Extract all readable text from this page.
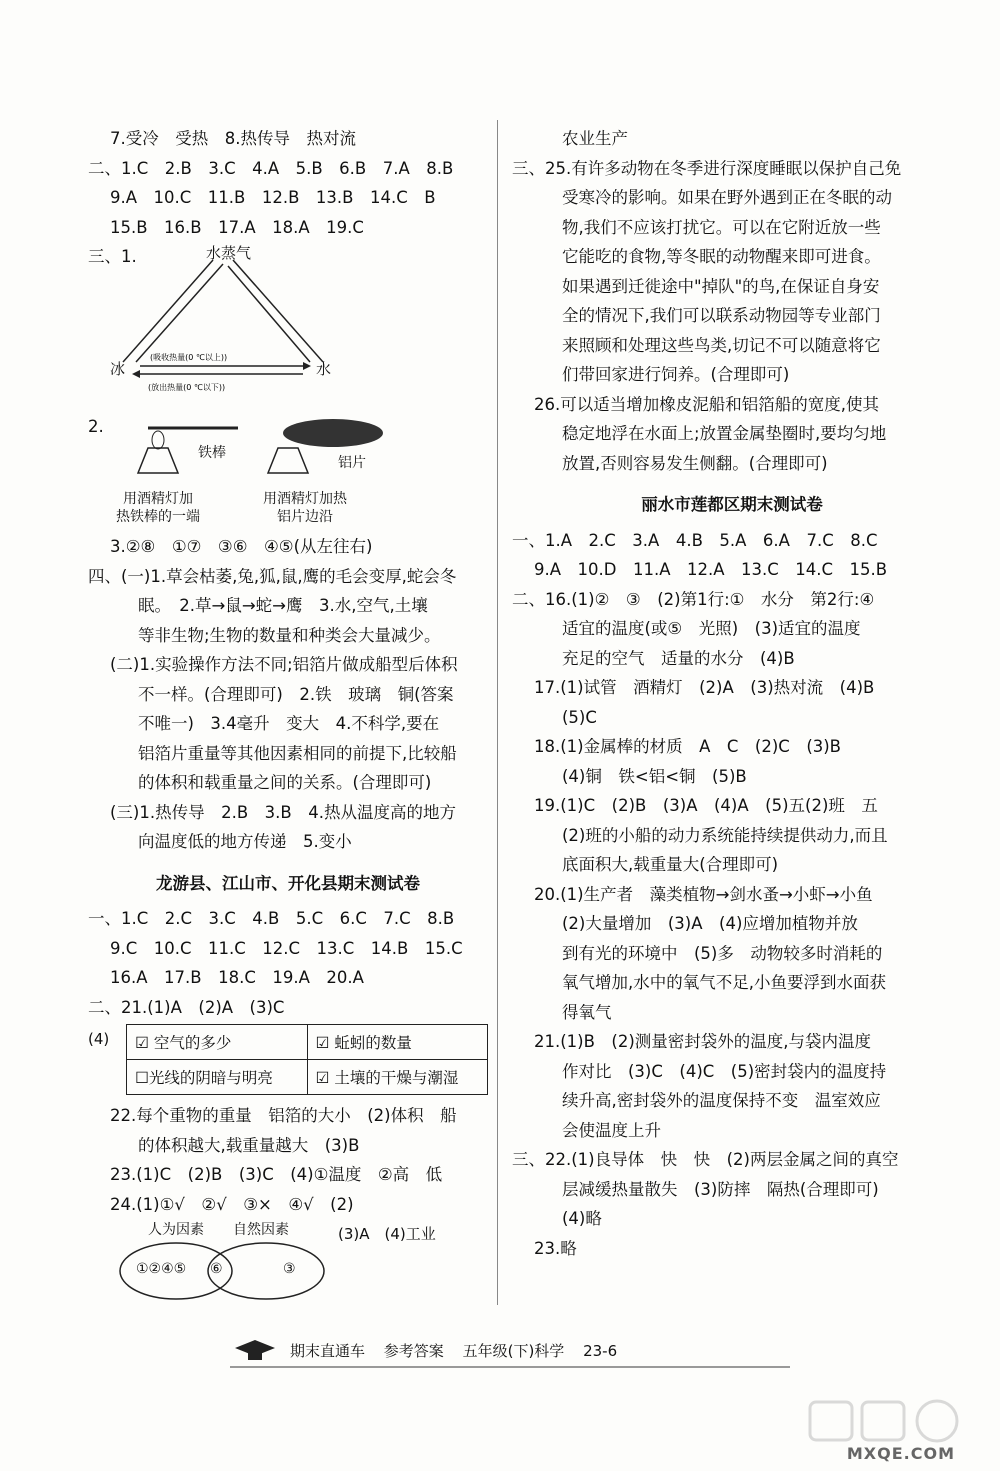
7.受冷　受热　8.热传导　热对流
二、1.C　2.B　3.C　4.A　5.B　6.B　7.A　8.B
9.A　10.C　11.B　12.B　13.B　14.C　B
15.B　16.B　17.A　18.A　19.C
三、1.
(吸收热量(0 ℃以上))
(放出热量(0 ℃以下))
水蒸气
冰	水
2.
铁棒
铝片
用酒精灯加
热铁棒的一端
用酒精灯加热
铝片边沿
3.②⑧　①⑦　③⑥　④⑤(从左往右)
四、(一)1.草会枯萎,兔,狐,鼠,鹰的毛会变厚,蛇会冬
眠。　2.草→鼠→蛇→鹰　3.水,空气,土壤
等非生物;生物的数量和种类会大量减少。
(二)1.实验操作方法不同;铝箔片做成船型后体积
不一样。(合理即可)　2.铁　玻璃　铜(答案
不唯一)　3.4毫升　变大　4.不科学,要在
铝箔片重量等其他因素相同的前提下,比较船
的体积和载重量之间的关系。(合理即可)
(三)1.热传导　2.B　3.B　4.热从温度高的地方
向温度低的地方传递　5.变小
龙游县、江山市、开化县期末测试卷
一、1.C　2.C　3.C　4.B　5.C　6.C　7.C　8.B
9.C　10.C　11.C　12.C　13.C　14.B　15.C
16.A　17.B　18.C　19.A　20.A
二、21.(1)A　(2)A　(3)C
(4) ☑ 空气的多少	☑ 蚯蚓的数量
☐光线的阴暗与明亮	☑ 土壤的干燥与潮湿
22.每个重物的重量　铝箔的大小　(2)体积　船
的体积越大,载重量越大　(3)B
23.(1)C　(2)B　(3)C　(4)①温度　②高　低
24.(1)①√　②√　③×　④√　(2)
人为因素 自然因素	(3)A　(4)工业
①②④⑤ ⑥	③
农业生产
三、25.有许多动物在冬季进行深度睡眠以保护自己免
受寒冷的影响。如果在野外遇到正在冬眠的动
物,我们不应该打扰它。可以在它附近放一些
它能吃的食物,等冬眠的动物醒来即可进食。
如果遇到迁徙途中"掉队"的鸟,在保证自身安
全的情况下,我们可以联系动物园等专业部门
来照顾和处理这些鸟类,切记不可以随意将它
们带回家进行饲养。(合理即可)
26.可以适当增加橡皮泥船和铝箔船的宽度,使其
稳定地浮在水面上;放置金属垫圈时,要均匀地
放置,否则容易发生侧翻。(合理即可)
丽水市莲都区期末测试卷
一、1.A　2.C　3.A　4.B　5.A　6.A　7.C　8.C
9.A　10.D　11.A　12.A　13.C　14.C　15.B
二、16.(1)②　③　(2)第1行:①　水分　第2行:④
适宜的温度(或⑤　光照)　(3)适宜的温度
充足的空气　适量的水分　(4)B
17.(1)试管　酒精灯　(2)A　(3)热对流　(4)B
(5)C
18.(1)金属棒的材质　A　C　(2)C　(3)B
(4)铜　铁<铝<铜　(5)B
19.(1)C　(2)B　(3)A　(4)A　(5)五(2)班　五
(2)班的小船的动力系统能持续提供动力,而且
底面积大,载重量大(合理即可)
20.(1)生产者　藻类植物→剑水蚤→小虾→小鱼
(2)大量增加　(3)A　(4)应增加植物并放
到有光的环境中　(5)多　动物较多时消耗的
氧气增加,水中的氧气不足,小鱼要浮到水面获
得氧气
21.(1)B　(2)测量密封袋外的温度,与袋内温度
作对比　(3)C　(4)C　(5)密封袋内的温度持
续升高,密封袋外的温度保持不变　温室效应
会使温度上升
三、22.(1)良导体　快　快　(2)两层金属之间的真空
层减缓热量散失　(3)防摔　隔热(合理即可)
(4)略
23.略
期末直通车 参考答案 五年级(下)科学 23-6
MXQE.COM
